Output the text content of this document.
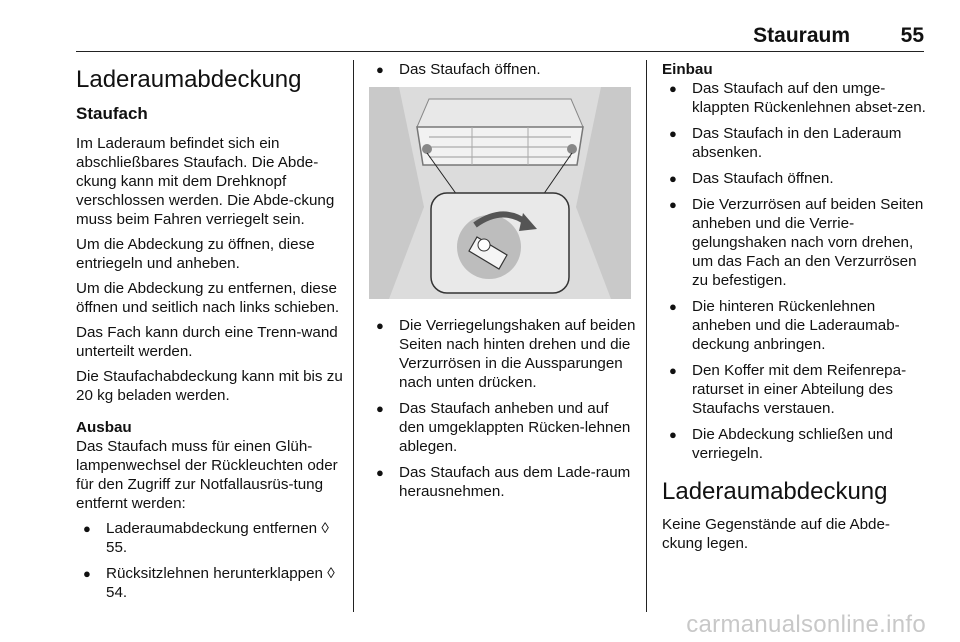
Stauraum 55
Laderaumabdeckung
Staufach

Im Laderaum befindet sich ein abschließbares Staufach. Die Abde-ckung kann mit dem Drehknopf verschlossen werden. Die Abde-ckung muss beim Fahren verriegelt sein.

Um die Abdeckung zu öffnen, diese entriegeln und anheben.

Um die Abdeckung zu entfernen, diese öffnen und seitlich nach links schieben.

Das Fach kann durch eine Trenn-wand unterteilt werden.

Die Staufachabdeckung kann mit bis zu 20 kg beladen werden.

Ausbau

Das Staufach muss für einen Glüh-lampenwechsel der Rückleuchten oder für den Zugriff zur Notfallausrüs-tung entfernt werden:

● Laderaumabdeckung entfernen ◊ 55.
● Rücksitzlehnen herunterklappen ◊ 54.
● Das Staufach öffnen.
● Die Verriegelungshaken auf beiden Seiten nach hinten drehen und die Verzurrösen in die Aussparungen nach unten drücken.
● Das Staufach anheben und auf den umgeklappten Rücken-lehnen ablegen.
● Das Staufach aus dem Lade-raum herausnehmen.
Einbau
● Das Staufach auf den umge-klappten Rückenlehnen abset-zen.
● Das Staufach in den Laderaum absenken.
● Das Staufach öffnen.
● Die Verzurrösen auf beiden Seiten anheben und die Verrie-gelungshaken nach vorn drehen, um das Fach an den Verzurrösen zu befestigen.
● Die hinteren Rückenlehnen anheben und die Laderaumab-deckung anbringen.
● Den Koffer mit dem Reifenrepa-raturset in einer Abteilung des Staufachs verstauen.
● Die Abdeckung schließen und verriegeln.
Laderaumabdeckung

Keine Gegenstände auf die Abde-ckung legen.

carmanualsonline.info
